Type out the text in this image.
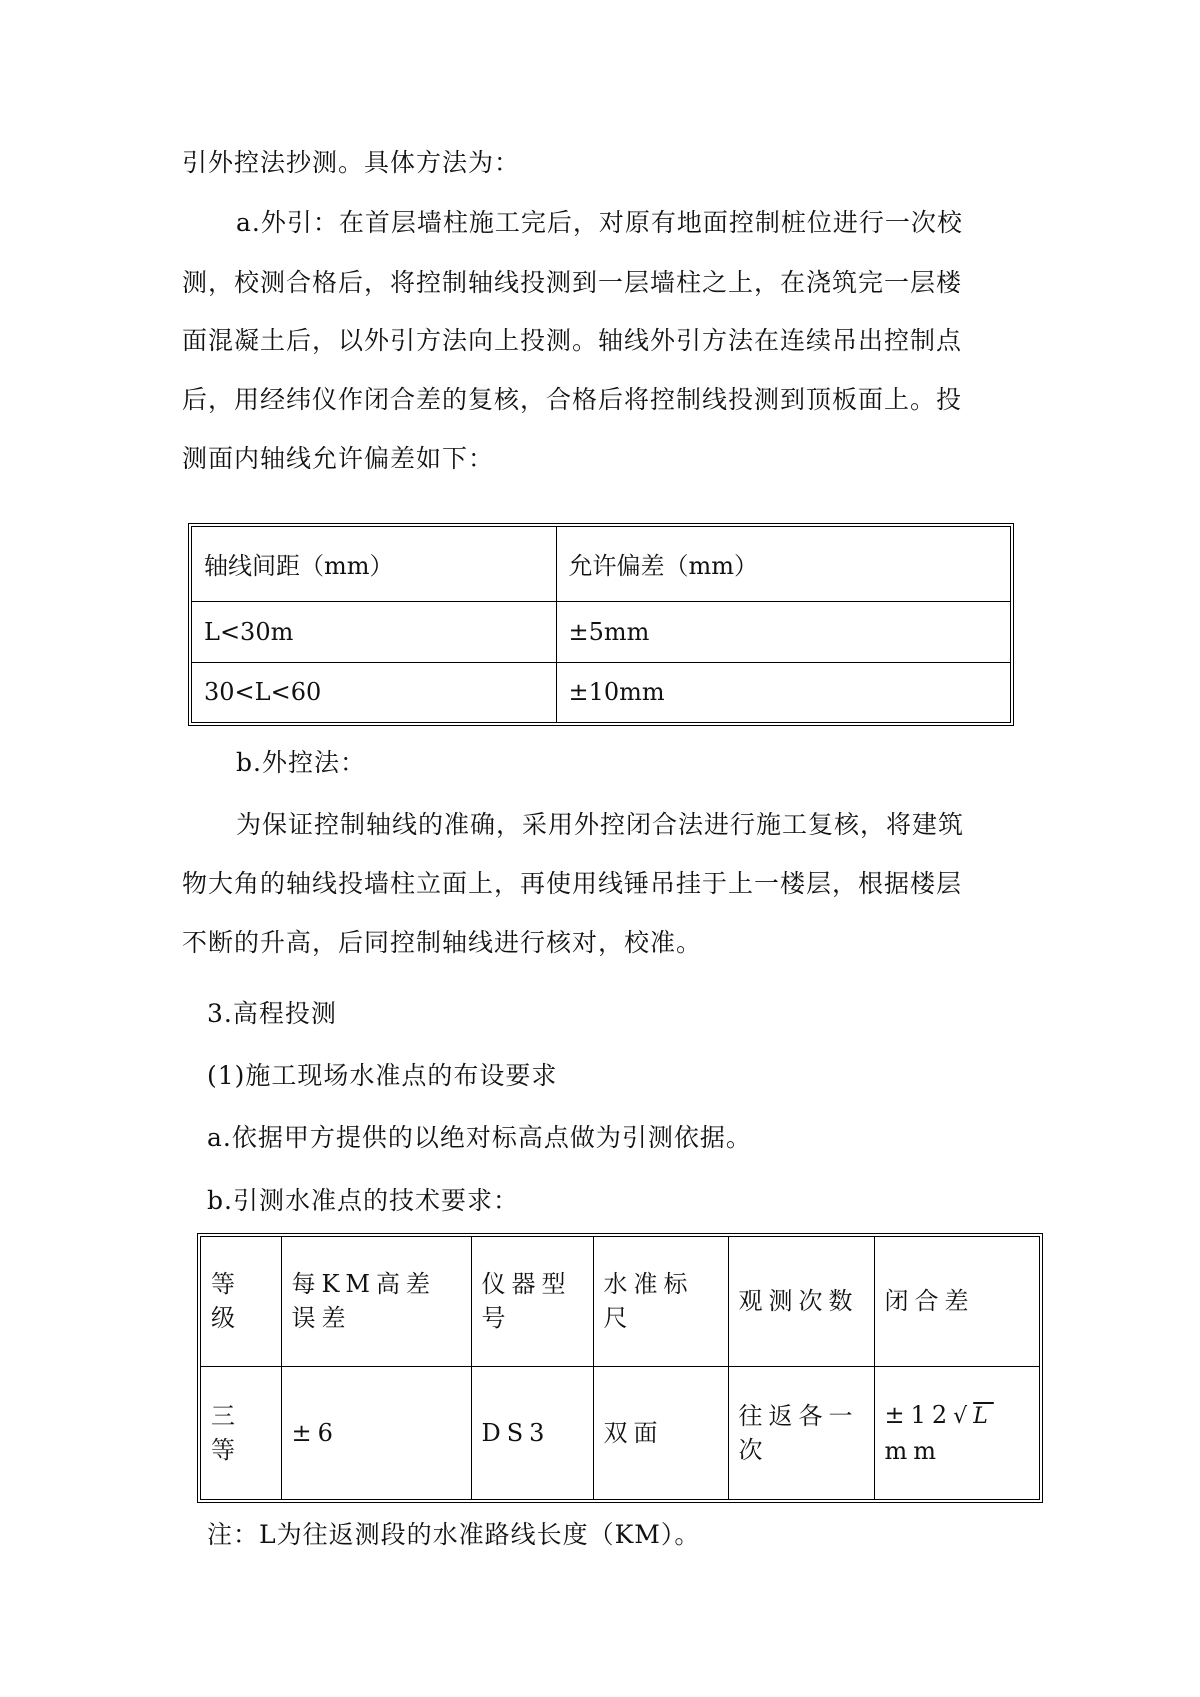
引外控法抄测。具体方法为：
a.外引：在首层墙柱施工完后，对原有地面控制桩位进行一次校
测，校测合格后，将控制轴线投测到一层墙柱之上，在浇筑完一层楼
面混凝土后，以外引方法向上投测。轴线外引方法在连续吊出控制点
后，用经纬仪作闭合差的复核，合格后将控制线投测到顶板面上。投
测面内轴线允许偏差如下：
轴线间距（mm）	允许偏差（mm）
L<30m	±5mm
30<L<60	±10mm
b.外控法：
为保证控制轴线的准确，采用外控闭合法进行施工复核，将建筑
物大角的轴线投墙柱立面上，再使用线锤吊挂于上一楼层，根据楼层
不断的升高，后同控制轴线进行核对，校准。
3.高程投测
(1)施工现场水准点的布设要求
a.依据甲方提供的以绝对标高点做为引测依据。
b.引测水准点的技术要求：
等级	每KM高差误差	仪器型号	水准标尺	观测次数	闭合差
三等	±6	DS3	双面	往返各一次	±12√L mm
注：L为往返测段的水准路线长度（KM）。
